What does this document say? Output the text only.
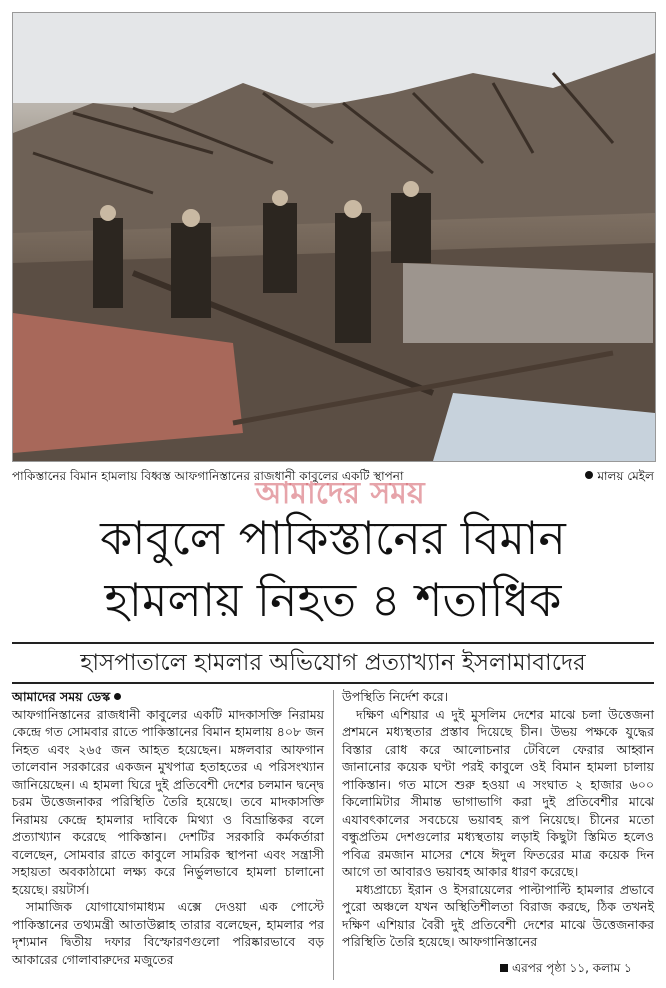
পাকিস্তানের বিমান হামলায় বিধ্বস্ত আফগানিস্তানের রাজধানী কাবুলের একটি স্থাপনা	মালয় মেইল
আমাদের সময়
কাবুলে পাকিস্তানের বিমান
হামলায় নিহত ৪ শতাধিক
হাসপাতালে হামলার অভিযোগ প্রত্যাখ্যান ইসলামাবাদের
আমাদের সময় ডেস্ক

আফগানিস্তানের রাজধানী কাবুলের একটি মাদকাসক্তি নিরাময় কেন্দ্রে গত সোমবার রাতে পাকিস্তানের বিমান হামলায় ৪০৮ জন নিহত এবং ২৬৫ জন আহত হয়েছেন। মঙ্গলবার আফগান তালেবান সরকারের একজন মুখপাত্র হতাহতের এ পরিসংখ্যান জানিয়েছেন। এ হামলা ঘিরে দুই প্রতিবেশী দেশের চলমান দ্বন্দ্বে চরম উত্তেজনাকর পরিস্থিতি তৈরি হয়েছে। তবে মাদকাসক্তি নিরাময় কেন্দ্রে হামলার দাবিকে মিথ্যা ও বিভ্রান্তিকর বলে প্রত্যাখ্যান করেছে পাকিস্তান। দেশটির সরকারি কর্মকর্তারা বলেছেন, সোমবার রাতে কাবুলে সামরিক স্থাপনা এবং সন্ত্রাসী সহায়তা অবকাঠামো লক্ষ্য করে নির্ভুলভাবে হামলা চালানো হয়েছে। রয়টার্স।

সামাজিক যোগাযোগমাধ্যম এক্সে দেওয়া এক পোস্টে পাকিস্তানের তথ্যমন্ত্রী আতাউল্লাহ তারার বলেছেন, হামলার পর দৃশ্যমান দ্বিতীয় দফার বিস্ফোরণগুলো পরিষ্কারভাবে বড় আকারের গোলাবারুদের মজুতের

উপস্থিতি নির্দেশ করে।

দক্ষিণ এশিয়ার এ দুই মুসলিম দেশের মাঝে চলা উত্তেজনা প্রশমনে মধ্যস্থতার প্রস্তাব দিয়েছে চীন। উভয় পক্ষকে যুদ্ধের বিস্তার রোধ করে আলোচনার টেবিলে ফেরার আহ্বান জানানোর কয়েক ঘণ্টা পরই কাবুলে ওই বিমান হামলা চালায় পাকিস্তান। গত মাসে শুরু হওয়া এ সংঘাত ২ হাজার ৬০০ কিলোমিটার সীমান্ত ভাগাভাগি করা দুই প্রতিবেশীর মাঝে এযাবৎকালের সবচেয়ে ভয়াবহ রূপ নিয়েছে। চীনের মতো বন্ধুপ্রতিম দেশগুলোর মধ্যস্থতায় লড়াই কিছুটা স্তিমিত হলেও পবিত্র রমজান মাসের শেষে ঈদুল ফিতরের মাত্র কয়েক দিন আগে তা আবারও ভয়াবহ আকার ধারণ করেছে।

মধ্যপ্রাচ্যে ইরান ও ইসরায়েলের পাল্টাপাল্টি হামলার প্রভাবে পুরো অঞ্চলে যখন অস্থিতিশীলতা বিরাজ করছে, ঠিক তখনই দক্ষিণ এশিয়ার বৈরী দুই প্রতিবেশী দেশের মাঝে উত্তেজনাকর পরিস্থিতি তৈরি হয়েছে। আফগানিস্তানের

এরপর পৃষ্ঠা ১১, কলাম ১
